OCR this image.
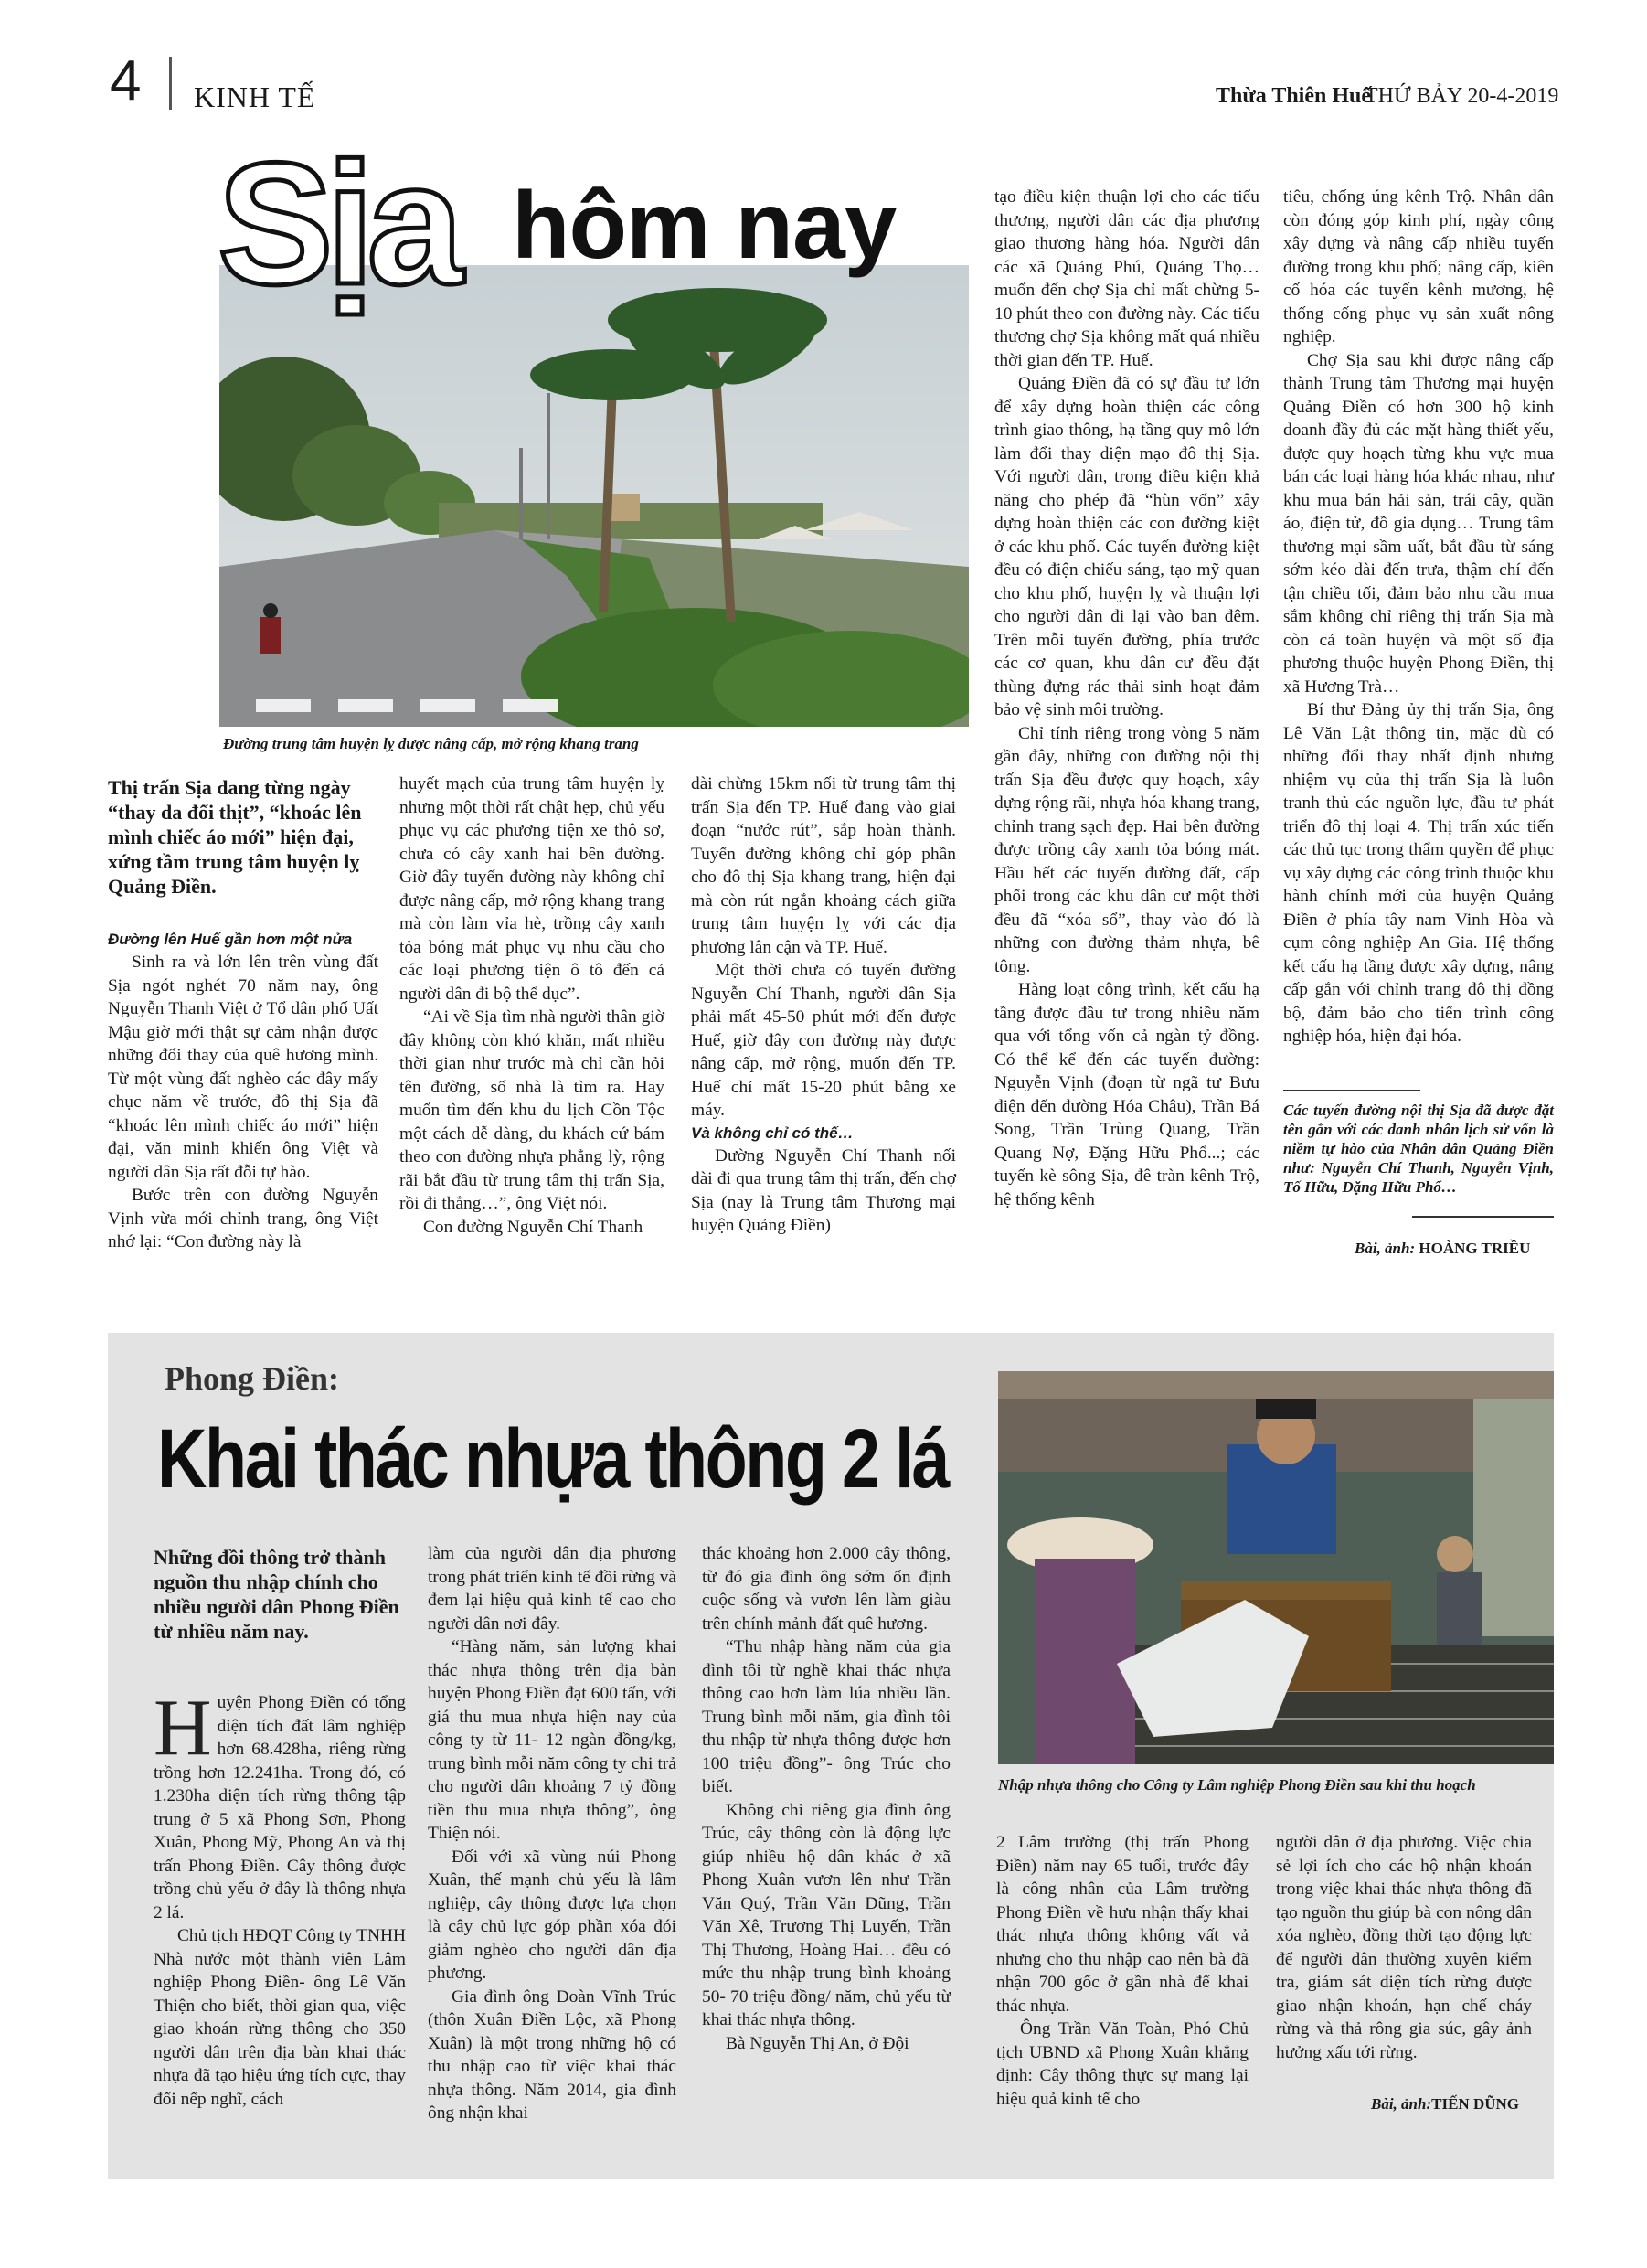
4 KINH TẾ	Thừa Thiên Huế
THỨ BẢY 20-4-2019
Sịa hôm nay
Đường trung tâm huyện lỵ được nâng cấp, mở rộng khang trang
Thị trấn Sịa đang từng ngày “thay da đổi thịt”, “khoác lên mình chiếc áo mới” hiện đại, xứng tầm trung tâm huyện lỵ Quảng Điền.

Đường lên Huế gần hơn một nửa

Sinh ra và lớn lên trên vùng đất Sịa ngót nghét 70 năm nay, ông Nguyễn Thanh Việt ở Tổ dân phố Uất Mậu giờ mới thật sự cảm nhận được những đổi thay của quê hương mình. Từ một vùng đất nghèo các đây mấy chục năm về trước, đô thị Sịa đã “khoác lên mình chiếc áo mới” hiện đại, văn minh khiến ông Việt và người dân Sịa rất đỗi tự hào.

Bước trên con đường Nguyễn Vịnh vừa mới chỉnh trang, ông Việt nhớ lại: “Con đường này là

huyết mạch của trung tâm huyện lỵ nhưng một thời rất chật hẹp, chủ yếu phục vụ các phương tiện xe thô sơ, chưa có cây xanh hai bên đường. Giờ đây tuyến đường này không chỉ được nâng cấp, mở rộng khang trang mà còn làm vỉa hè, trồng cây xanh tỏa bóng mát phục vụ nhu cầu cho các loại phương tiện ô tô đến cả người dân đi bộ thể dục”.

“Ai về Sịa tìm nhà người thân giờ đây không còn khó khăn, mất nhiều thời gian như trước mà chỉ cần hỏi tên đường, số nhà là tìm ra. Hay muốn tìm đến khu du lịch Cồn Tộc một cách dễ dàng, du khách cứ bám theo con đường nhựa phẳng lỳ, rộng rãi bắt đầu từ trung tâm thị trấn Sịa, rồi đi thẳng…”, ông Việt nói.

Con đường Nguyễn Chí Thanh

dài chừng 15km nối từ trung tâm thị trấn Sịa đến TP. Huế đang vào giai đoạn “nước rút”, sắp hoàn thành. Tuyến đường không chỉ góp phần cho đô thị Sịa khang trang, hiện đại mà còn rút ngắn khoảng cách giữa trung tâm huyện lỵ với các địa phương lân cận và TP. Huế.

Một thời chưa có tuyến đường Nguyễn Chí Thanh, người dân Sịa phải mất 45-50 phút mới đến được Huế, giờ đây con đường này được nâng cấp, mở rộng, muốn đến TP. Huế chỉ mất 15-20 phút bằng xe máy.

Và không chỉ có thế…

Đường Nguyễn Chí Thanh nối dài đi qua trung tâm thị trấn, đến chợ Sịa (nay là Trung tâm Thương mại huyện Quảng Điền)

tạo điều kiện thuận lợi cho các tiểu thương, người dân các địa phương giao thương hàng hóa. Người dân các xã Quảng Phú, Quảng Thọ… muốn đến chợ Sịa chỉ mất chừng 5-10 phút theo con đường này. Các tiểu thương chợ Sịa không mất quá nhiều thời gian đến TP. Huế.

Quảng Điền đã có sự đầu tư lớn để xây dựng hoàn thiện các công trình giao thông, hạ tầng quy mô lớn làm đổi thay diện mạo đô thị Sịa. Với người dân, trong điều kiện khả năng cho phép đã “hùn vốn” xây dựng hoàn thiện các con đường kiệt ở các khu phố. Các tuyến đường kiệt đều có điện chiếu sáng, tạo mỹ quan cho khu phố, huyện lỵ và thuận lợi cho người dân đi lại vào ban đêm. Trên mỗi tuyến đường, phía trước các cơ quan, khu dân cư đều đặt thùng đựng rác thải sinh hoạt đảm bảo vệ sinh môi trường.

Chỉ tính riêng trong vòng 5 năm gần đây, những con đường nội thị trấn Sịa đều được quy hoạch, xây dựng rộng rãi, nhựa hóa khang trang, chỉnh trang sạch đẹp. Hai bên đường được trồng cây xanh tỏa bóng mát. Hầu hết các tuyến đường đất, cấp phối trong các khu dân cư một thời đều đã “xóa sổ”, thay vào đó là những con đường thảm nhựa, bê tông.

Hàng loạt công trình, kết cấu hạ tầng được đầu tư trong nhiều năm qua với tổng vốn cả ngàn tỷ đồng. Có thể kể đến các tuyến đường: Nguyễn Vịnh (đoạn từ ngã tư Bưu điện đến đường Hóa Châu), Trần Bá Song, Trần Trùng Quang, Trần Quang Nợ, Đặng Hữu Phổ...; các tuyến kè sông Sịa, đê tràn kênh Trộ, hệ thống kênh

tiêu, chống úng kênh Trộ. Nhân dân còn đóng góp kinh phí, ngày công xây dựng và nâng cấp nhiều tuyến đường trong khu phố; nâng cấp, kiên cố hóa các tuyến kênh mương, hệ thống cống phục vụ sản xuất nông nghiệp.

Chợ Sịa sau khi được nâng cấp thành Trung tâm Thương mại huyện Quảng Điền có hơn 300 hộ kinh doanh đầy đủ các mặt hàng thiết yếu, được quy hoạch từng khu vực mua bán các loại hàng hóa khác nhau, như khu mua bán hải sản, trái cây, quần áo, điện tử, đồ gia dụng… Trung tâm thương mại sầm uất, bắt đầu từ sáng sớm kéo dài đến trưa, thậm chí đến tận chiều tối, đảm bảo nhu cầu mua sắm không chỉ riêng thị trấn Sịa mà còn cả toàn huyện và một số địa phương thuộc huyện Phong Điền, thị xã Hương Trà…

Bí thư Đảng ủy thị trấn Sịa, ông Lê Văn Lật thông tin, mặc dù có những đổi thay nhất định nhưng nhiệm vụ của thị trấn Sịa là luôn tranh thủ các nguồn lực, đầu tư phát triển đô thị loại 4. Thị trấn xúc tiến các thủ tục trong thẩm quyền để phục vụ xây dựng các công trình thuộc khu hành chính mới của huyện Quảng Điền ở phía tây nam Vinh Hòa và cụm công nghiệp An Gia. Hệ thống kết cấu hạ tầng được xây dựng, nâng cấp gắn với chỉnh trang đô thị đồng bộ, đảm bảo cho tiến trình công nghiệp hóa, hiện đại hóa.

Các tuyến đường nội thị Sịa đã được đặt tên gắn với các danh nhân lịch sử vốn là niềm tự hào của Nhân dân Quảng Điền như: Nguyễn Chí Thanh, Nguyễn Vịnh, Tố Hữu, Đặng Hữu Phổ…
Bài, ảnh: HOÀNG TRIỀU
Phong Điền:
Khai thác nhựa thông 2 lá
Nhập nhựa thông cho Công ty Lâm nghiệp Phong Điền sau khi thu hoạch
Những đồi thông trở thành nguồn thu nhập chính cho nhiều người dân Phong Điền từ nhiều năm nay.

Huyện Phong Điền có tổng diện tích đất lâm nghiệp hơn 68.428ha, riêng rừng trồng hơn 12.241ha. Trong đó, có 1.230ha diện tích rừng thông tập trung ở 5 xã Phong Sơn, Phong Xuân, Phong Mỹ, Phong An và thị trấn Phong Điền. Cây thông được trồng chủ yếu ở đây là thông nhựa 2 lá.

Chủ tịch HĐQT Công ty TNHH Nhà nước một thành viên Lâm nghiệp Phong Điền- ông Lê Văn Thiện cho biết, thời gian qua, việc giao khoán rừng thông cho 350 người dân trên địa bàn khai thác nhựa đã tạo hiệu ứng tích cực, thay đổi nếp nghĩ, cách

làm của người dân địa phương trong phát triển kinh tế đồi rừng và đem lại hiệu quả kinh tế cao cho người dân nơi đây.

“Hàng năm, sản lượng khai thác nhựa thông trên địa bàn huyện Phong Điền đạt 600 tấn, với giá thu mua nhựa hiện nay của công ty từ 11- 12 ngàn đồng/kg, trung bình mỗi năm công ty chi trả cho người dân khoảng 7 tỷ đồng tiền thu mua nhựa thông”, ông Thiện nói.

Đối với xã vùng núi Phong Xuân, thế mạnh chủ yếu là lâm nghiệp, cây thông được lựa chọn là cây chủ lực góp phần xóa đói giảm nghèo cho người dân địa phương.

Gia đình ông Đoàn Vĩnh Trúc (thôn Xuân Điền Lộc, xã Phong Xuân) là một trong những hộ có thu nhập cao từ việc khai thác nhựa thông. Năm 2014, gia đình ông nhận khai

thác khoảng hơn 2.000 cây thông, từ đó gia đình ông sớm ổn định cuộc sống và vươn lên làm giàu trên chính mảnh đất quê hương.

“Thu nhập hàng năm của gia đình tôi từ nghề khai thác nhựa thông cao hơn làm lúa nhiều lần. Trung bình mỗi năm, gia đình tôi thu nhập từ nhựa thông được hơn 100 triệu đồng”- ông Trúc cho biết.

Không chỉ riêng gia đình ông Trúc, cây thông còn là động lực giúp nhiều hộ dân khác ở xã Phong Xuân vươn lên như Trần Văn Quý, Trần Văn Dũng, Trần Văn Xê, Trương Thị Luyến, Trần Thị Thương, Hoàng Hai… đều có mức thu nhập trung bình khoảng 50- 70 triệu đồng/ năm, chủ yếu từ khai thác nhựa thông.

Bà Nguyễn Thị An, ở Đội

2 Lâm trường (thị trấn Phong Điền) năm nay 65 tuổi, trước đây là công nhân của Lâm trường Phong Điền về hưu nhận thấy khai thác nhựa thông không vất vả nhưng cho thu nhập cao nên bà đã nhận 700 gốc ở gần nhà để khai thác nhựa.

Ông Trần Văn Toàn, Phó Chủ tịch UBND xã Phong Xuân khẳng định: Cây thông thực sự mang lại hiệu quả kinh tế cho

người dân ở địa phương. Việc chia sẻ lợi ích cho các hộ nhận khoán trong việc khai thác nhựa thông đã tạo nguồn thu giúp bà con nông dân xóa nghèo, đồng thời tạo động lực để người dân thường xuyên kiểm tra, giám sát diện tích rừng được giao nhận khoán, hạn chế cháy rừng và thả rông gia súc, gây ảnh hưởng xấu tới rừng.

Bài, ảnh:TIẾN DŨNG
